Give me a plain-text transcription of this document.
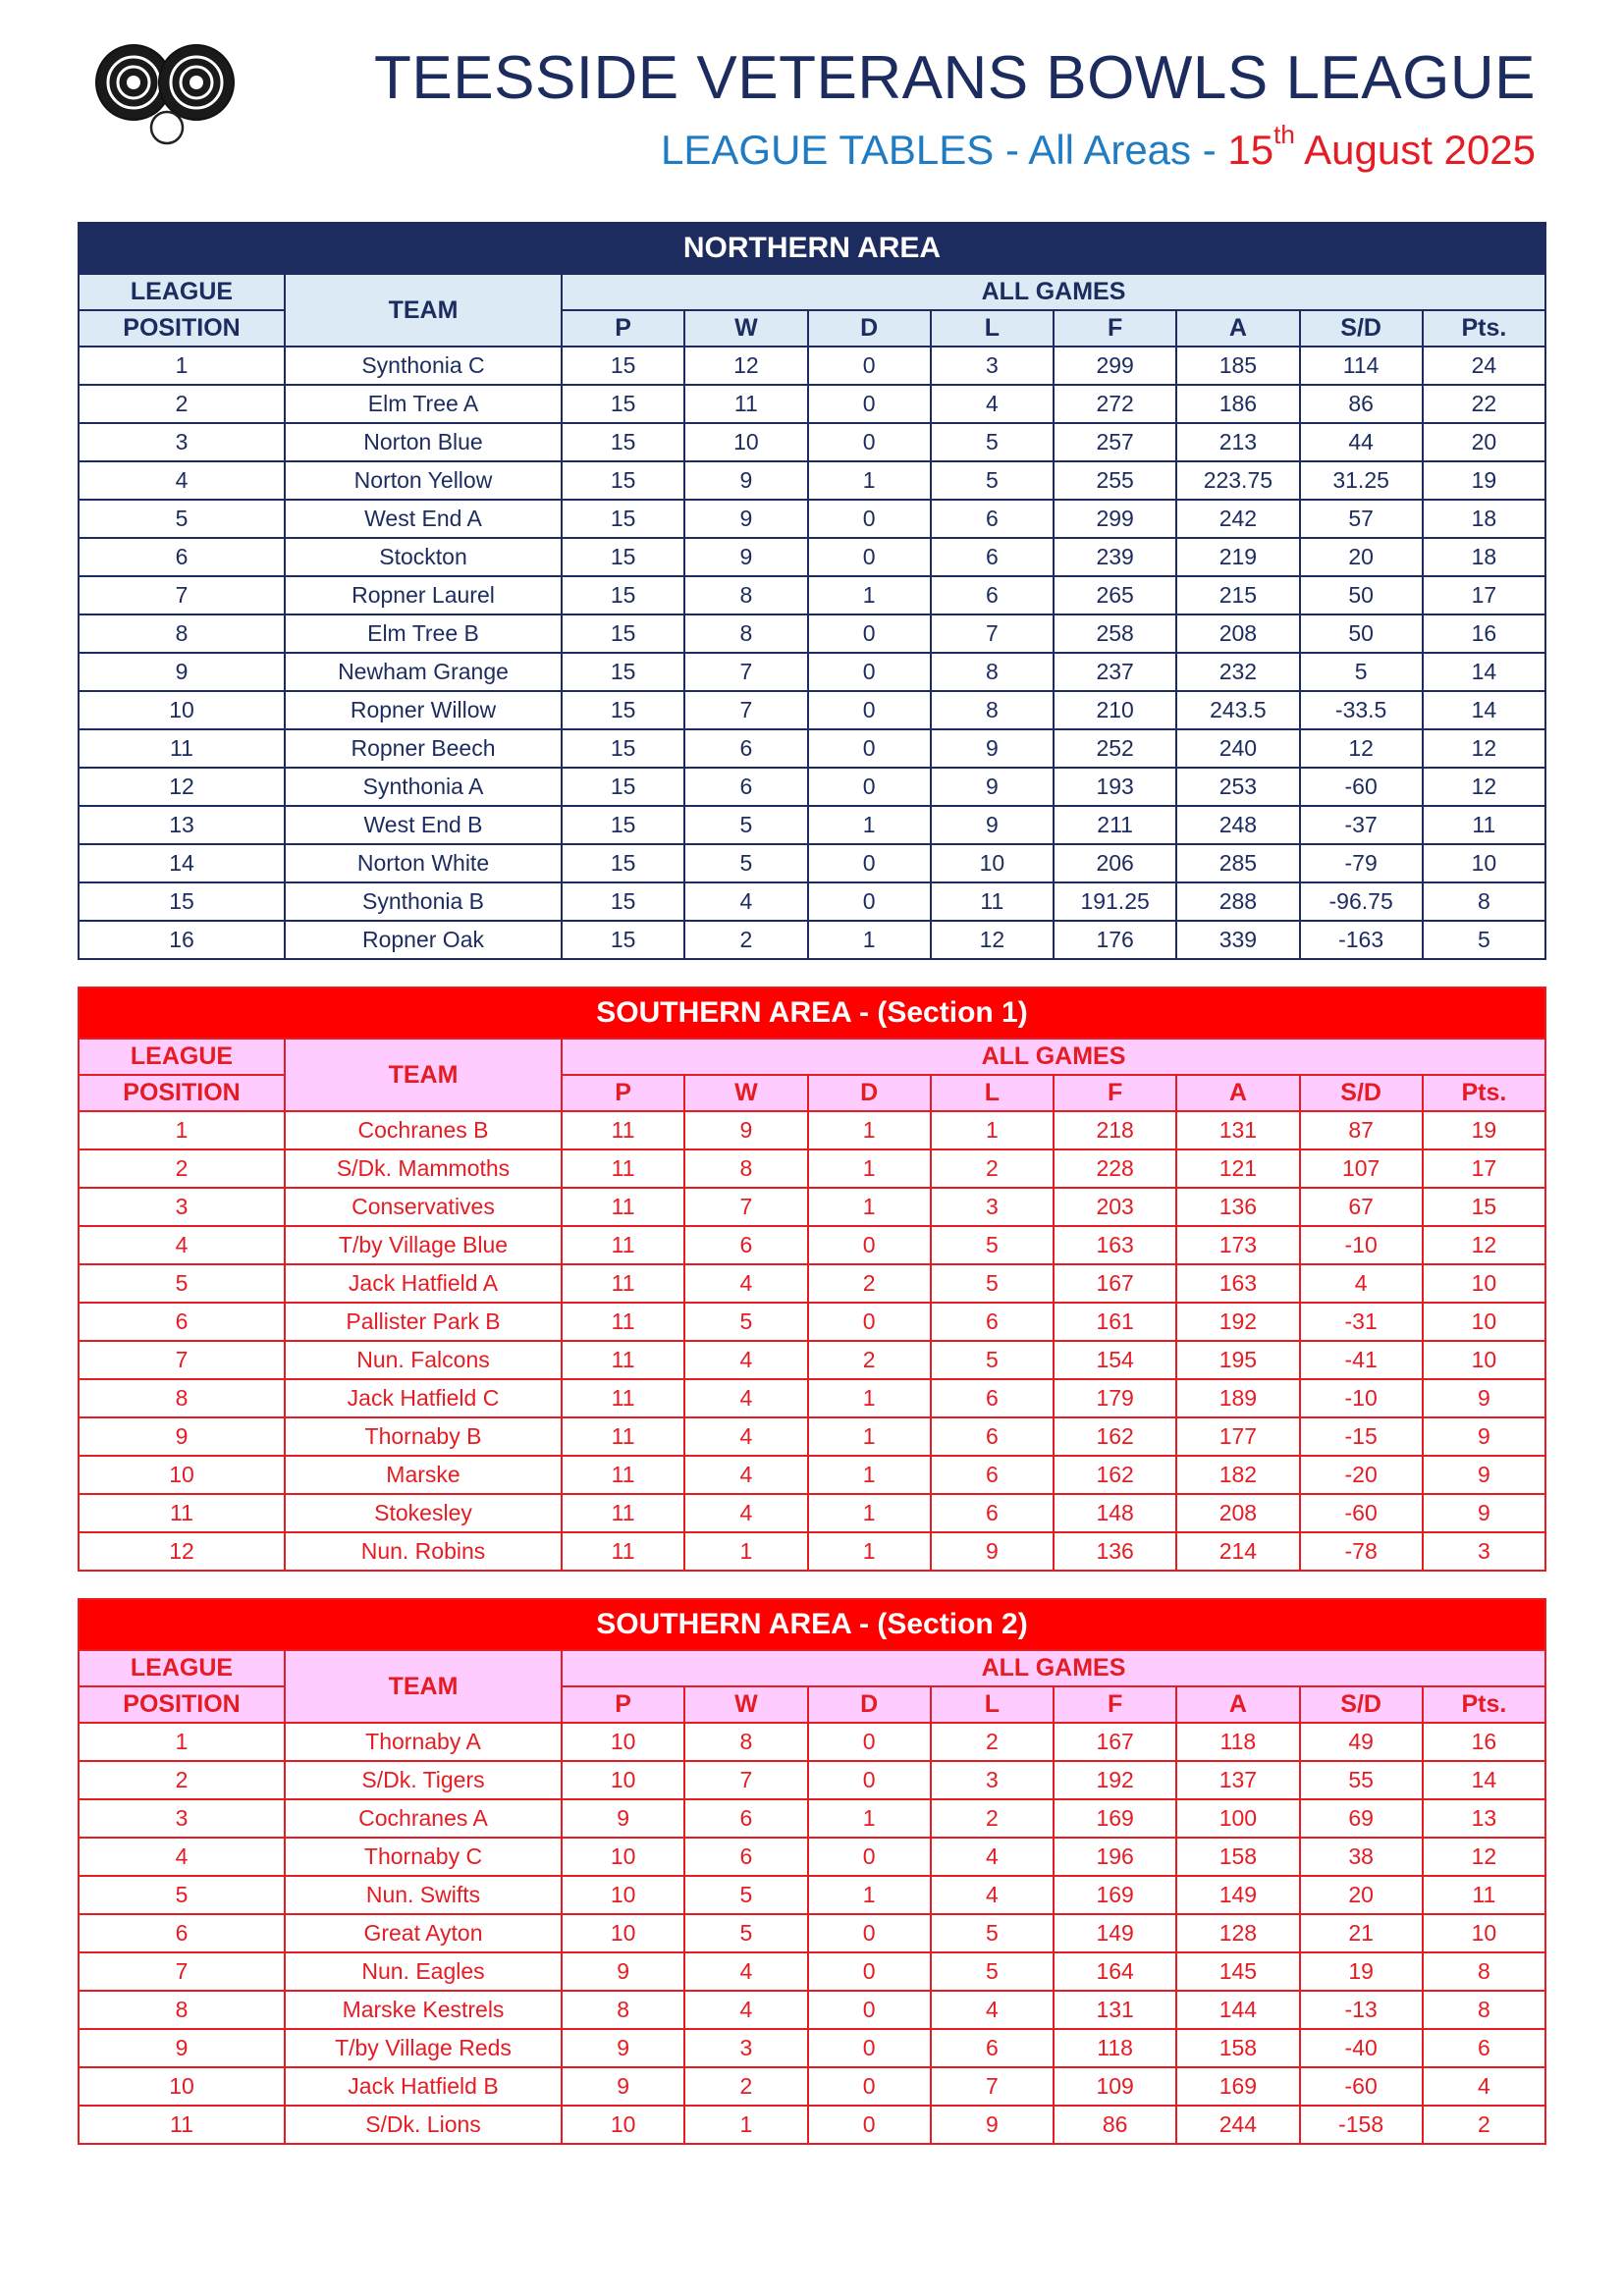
TEESSIDE VETERANS BOWLS LEAGUE
LEAGUE TABLES - All Areas - 15th August 2025
NORTHERN AREA									
LEAGUE	TEAM	ALL GAMES							
POSITION		P	W	D	L	F	A	S/D	Pts.
1	Synthonia C	15	12	0	3	299	185	114	24
2	Elm Tree A	15	11	0	4	272	186	86	22
3	Norton Blue	15	10	0	5	257	213	44	20
4	Norton Yellow	15	9	1	5	255	223.75	31.25	19
5	West End A	15	9	0	6	299	242	57	18
6	Stockton	15	9	0	6	239	219	20	18
7	Ropner Laurel	15	8	1	6	265	215	50	17
8	Elm Tree B	15	8	0	7	258	208	50	16
9	Newham Grange	15	7	0	8	237	232	5	14
10	Ropner Willow	15	7	0	8	210	243.5	-33.5	14
11	Ropner Beech	15	6	0	9	252	240	12	12
12	Synthonia A	15	6	0	9	193	253	-60	12
13	West End B	15	5	1	9	211	248	-37	11
14	Norton White	15	5	0	10	206	285	-79	10
15	Synthonia B	15	4	0	11	191.25	288	-96.75	8
16	Ropner Oak	15	2	1	12	176	339	-163	5
SOUTHERN AREA - (Section 1)									
LEAGUE	TEAM	ALL GAMES							
POSITION		P	W	D	L	F	A	S/D	Pts.
1	Cochranes B	11	9	1	1	218	131	87	19
2	S/Dk. Mammoths	11	8	1	2	228	121	107	17
3	Conservatives	11	7	1	3	203	136	67	15
4	T/by Village Blue	11	6	0	5	163	173	-10	12
5	Jack Hatfield A	11	4	2	5	167	163	4	10
6	Pallister Park B	11	5	0	6	161	192	-31	10
7	Nun. Falcons	11	4	2	5	154	195	-41	10
8	Jack Hatfield C	11	4	1	6	179	189	-10	9
9	Thornaby B	11	4	1	6	162	177	-15	9
10	Marske	11	4	1	6	162	182	-20	9
11	Stokesley	11	4	1	6	148	208	-60	9
12	Nun. Robins	11	1	1	9	136	214	-78	3
SOUTHERN AREA - (Section 2)									
LEAGUE	TEAM	ALL GAMES							
POSITION		P	W	D	L	F	A	S/D	Pts.
1	Thornaby A	10	8	0	2	167	118	49	16
2	S/Dk. Tigers	10	7	0	3	192	137	55	14
3	Cochranes A	9	6	1	2	169	100	69	13
4	Thornaby C	10	6	0	4	196	158	38	12
5	Nun. Swifts	10	5	1	4	169	149	20	11
6	Great Ayton	10	5	0	5	149	128	21	10
7	Nun. Eagles	9	4	0	5	164	145	19	8
8	Marske Kestrels	8	4	0	4	131	144	-13	8
9	T/by Village Reds	9	3	0	6	118	158	-40	6
10	Jack Hatfield B	9	2	0	7	109	169	-60	4
11	S/Dk. Lions	10	1	0	9	86	244	-158	2
